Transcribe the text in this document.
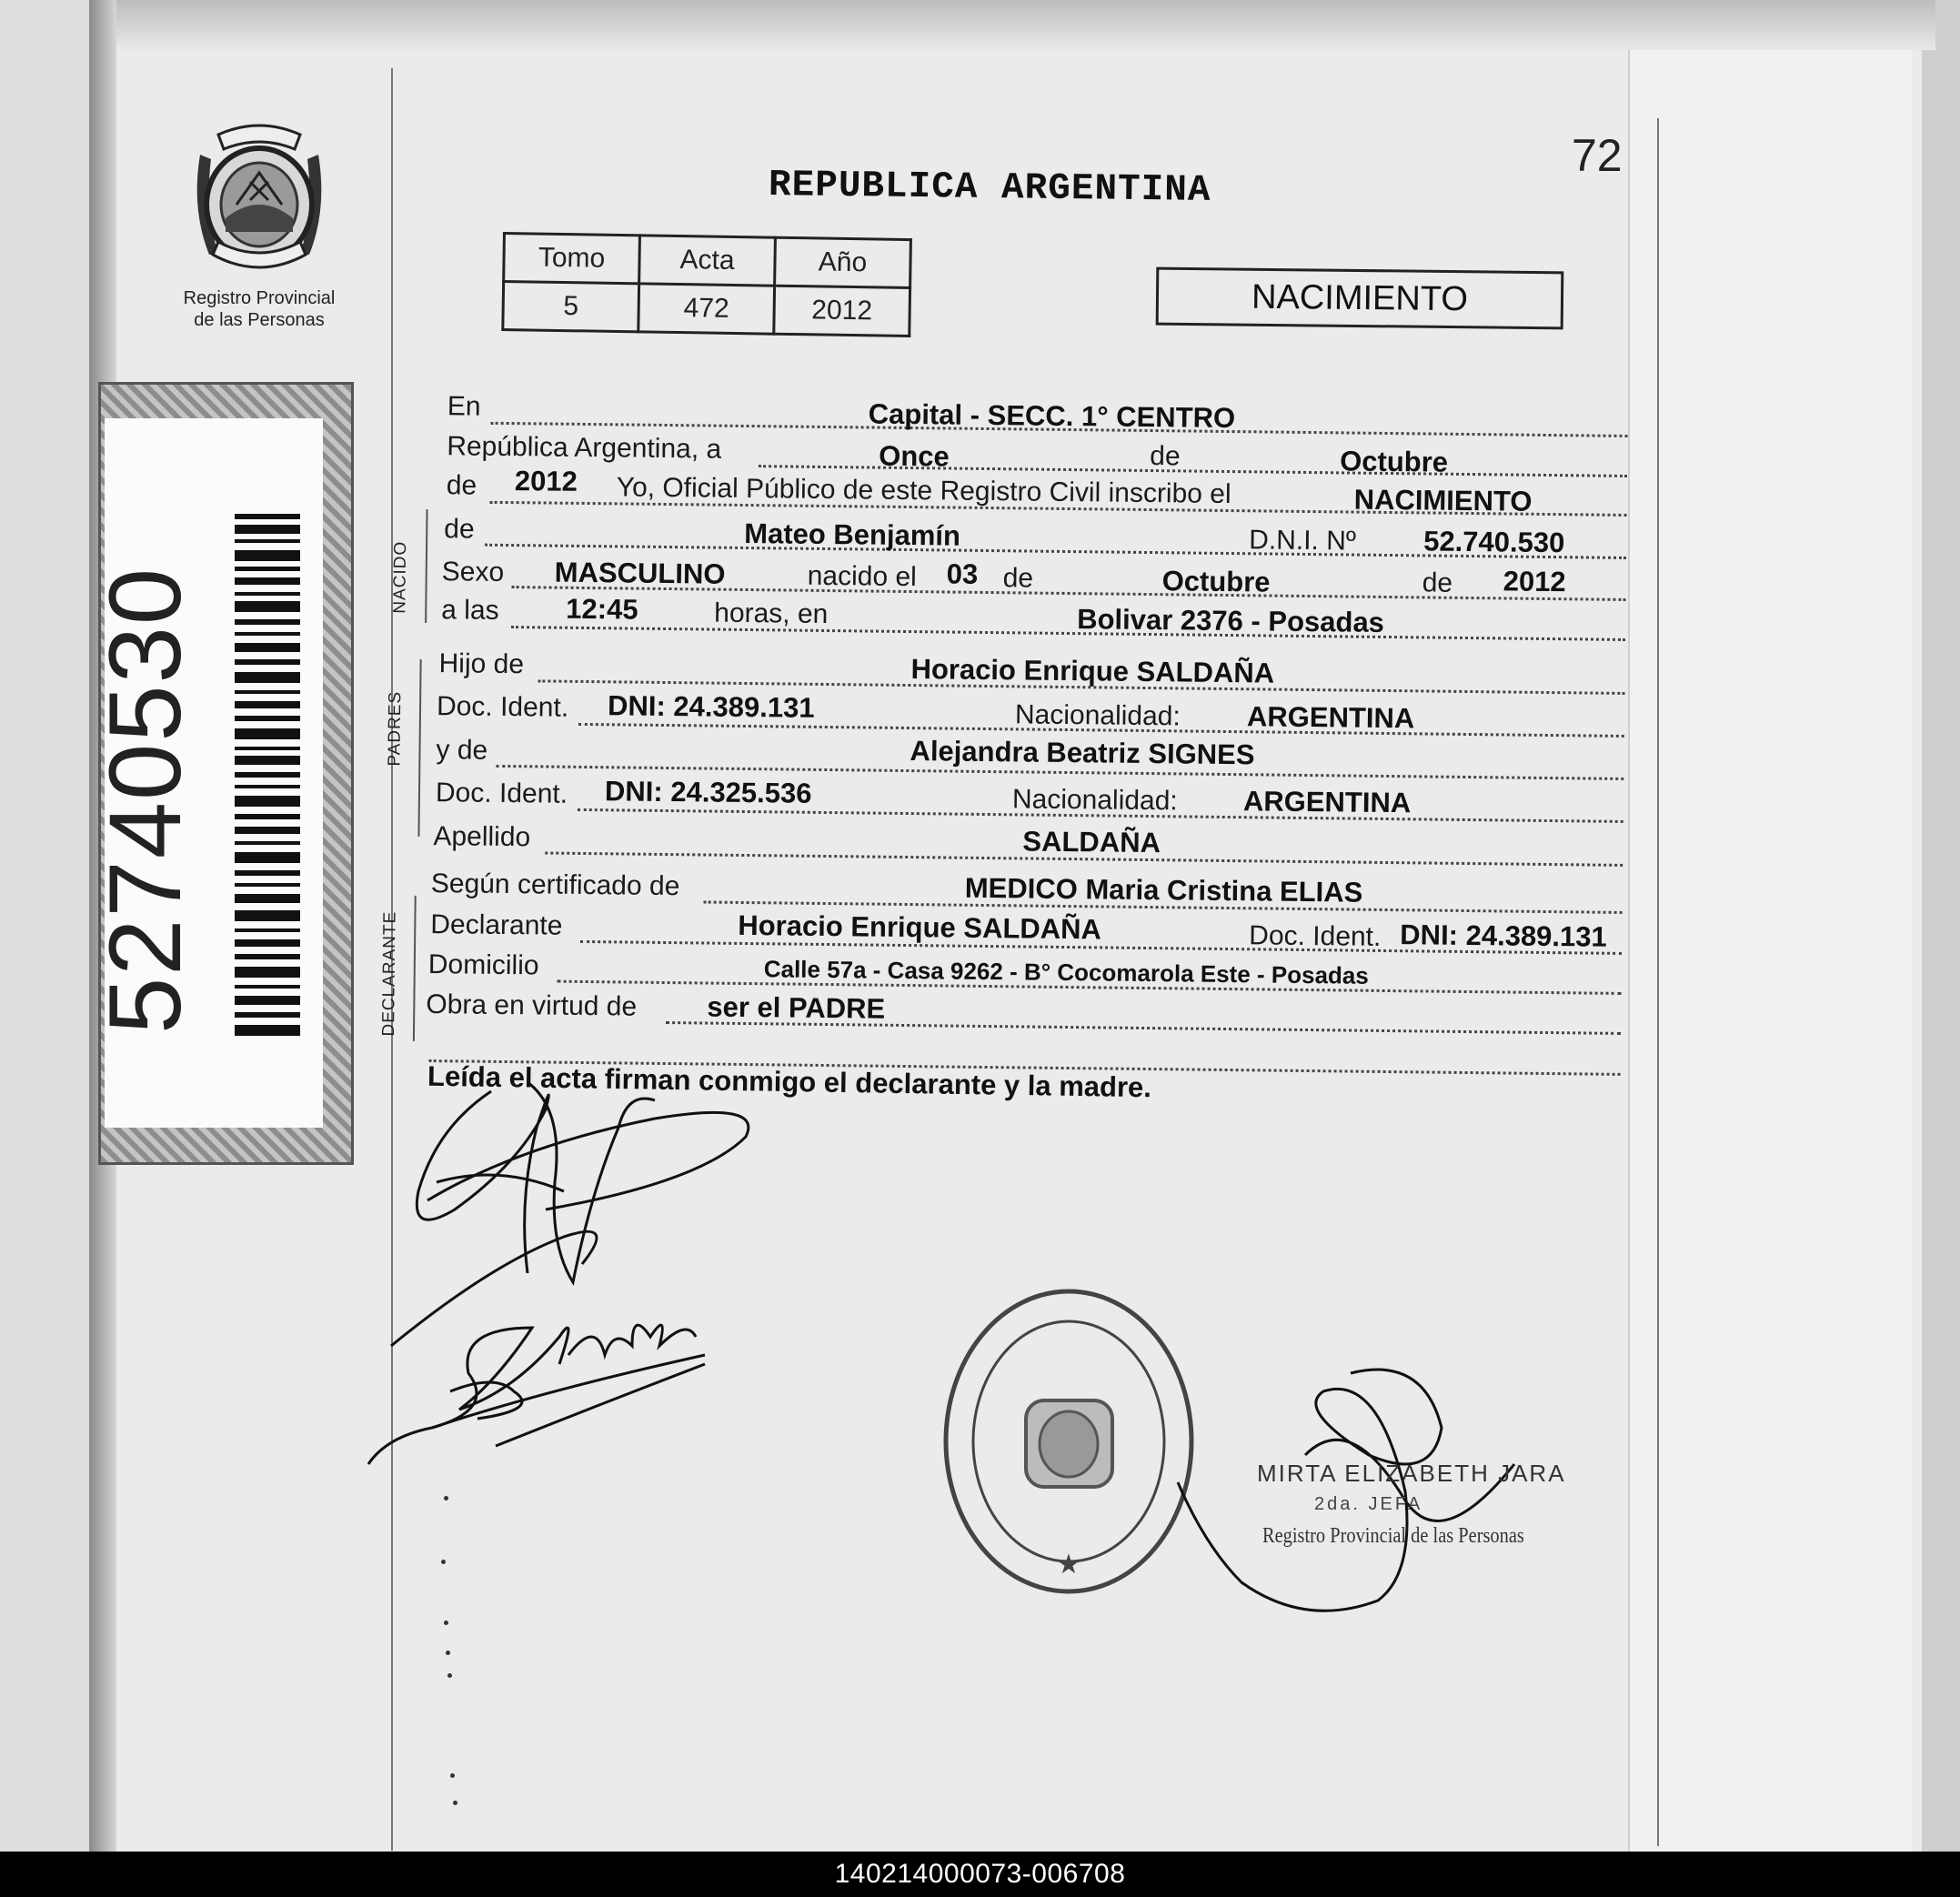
Registro Provincial
de las Personas
52740530
72
REPUBLICA ARGENTINA
Tomo	Acta	Año
5	472	2012	NACIMIENTO
NACIDO
PADRES
DECLARANTE
En	Capital - SECC. 1° CENTRO
República Argentina, a	Once	de	Octubre
de 2012 Yo, Oficial Público de este Registro Civil inscribo el	NACIMIENTO
de	Mateo Benjamín	D.N.I. Nº 52.740.530
Sexo MASCULINO	nacido el 03 de	Octubre	de 2012
a las 12:45	horas, en	Bolivar 2376 - Posadas
Hijo de	Horacio Enrique SALDAÑA
Doc. Ident. DNI: 24.389.131	Nacionalidad: ARGENTINA
y de	Alejandra Beatriz SIGNES
Doc. Ident. DNI: 24.325.536	Nacionalidad: ARGENTINA
Apellido	SALDAÑA
Según certificado de	MEDICO Maria Cristina ELIAS
Declarante	Horacio Enrique SALDAÑA	Doc. Ident. DNI: 24.389.131
Domicilio	Calle 57a - Casa 9262 - B° Cocomarola Este - Posadas
Obra en virtud de ser el PADRE
Leída el acta firman conmigo el declarante y la madre.
★
MIRTA ELIZABETH JARA
2da. JEFA
Registro Provincial de las Personas
140214000073-006708
